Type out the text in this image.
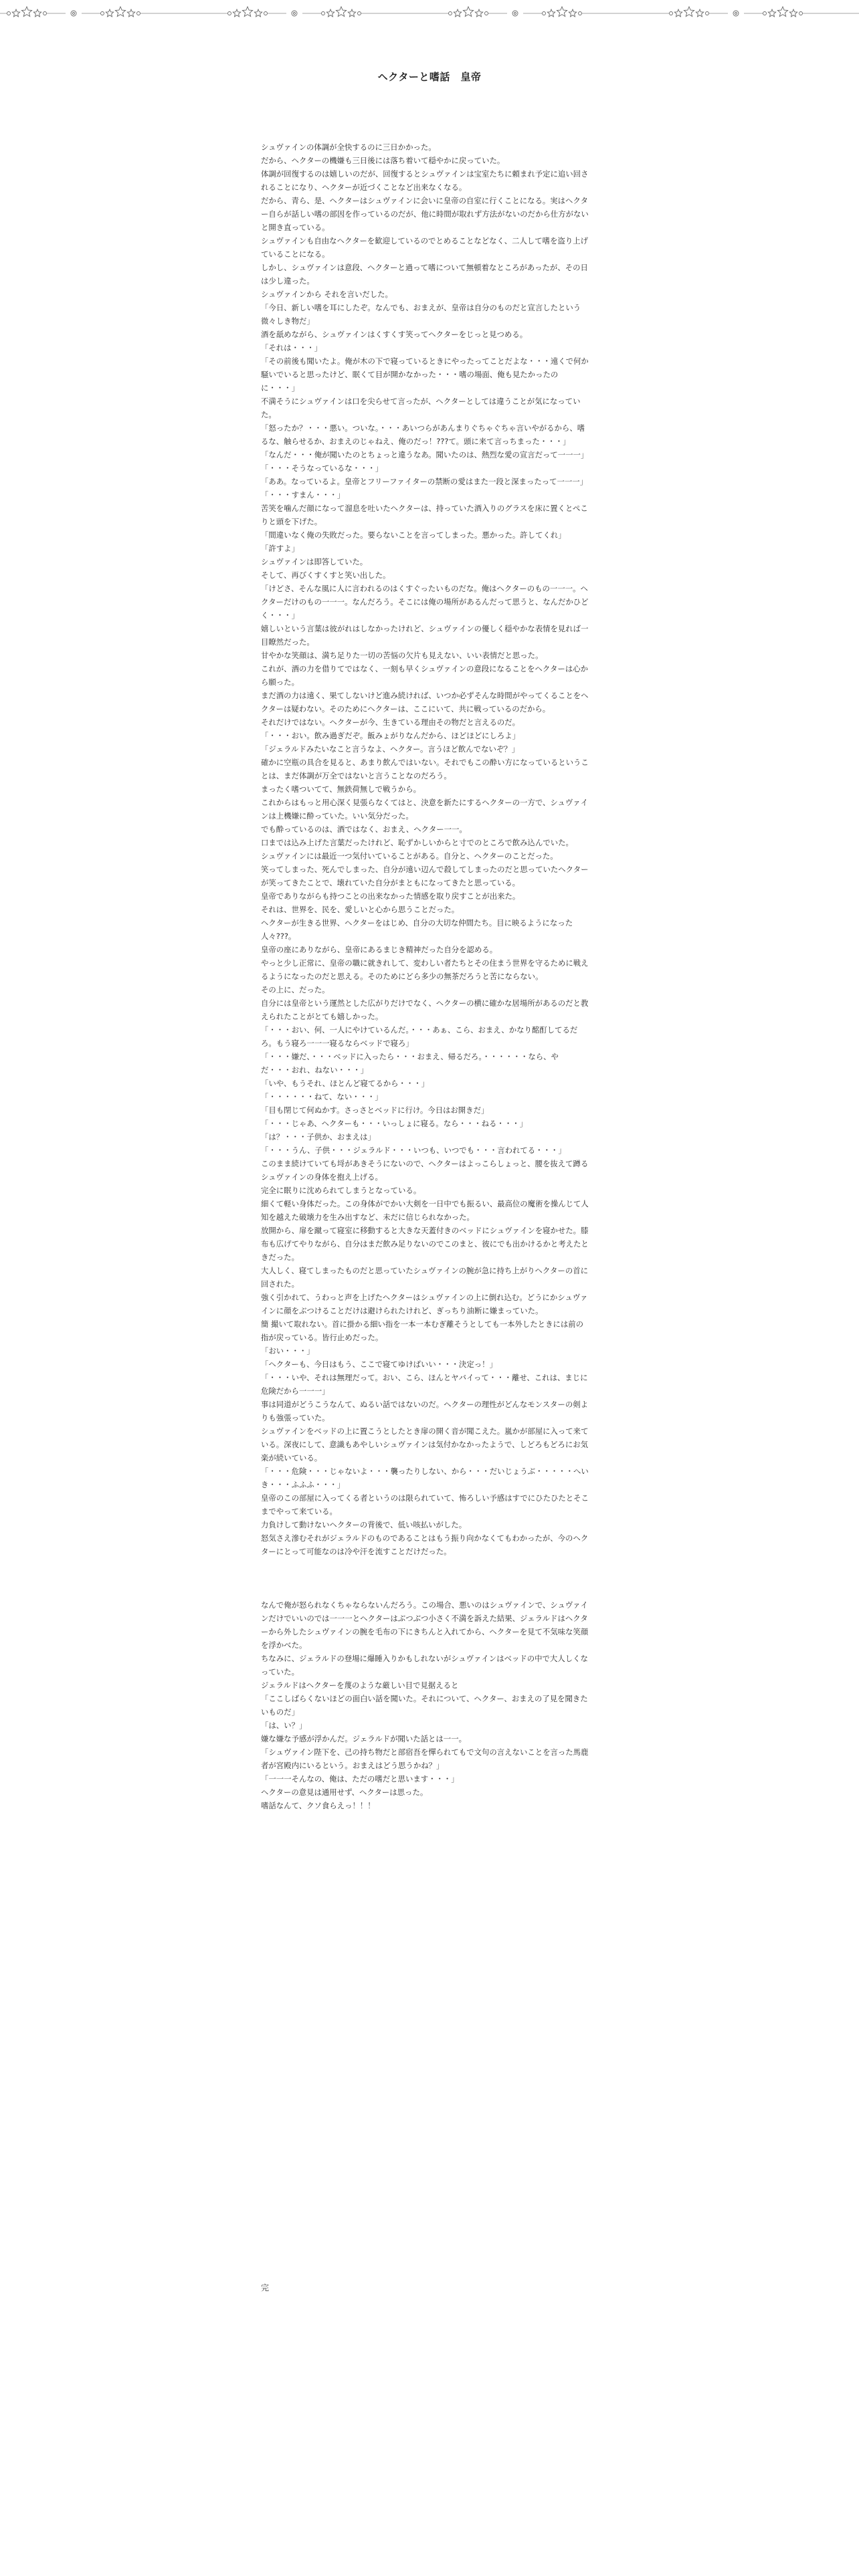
ヘクターと嗜話　皇帝

シュヴァインの体調が全快するのに三日かかった。

だから、ヘクターの機嫌も三日後には落ち着いて穏やかに戻っていた。

体調が回復するのは嬉しいのだが、回復するとシュヴァインは宝室たちに頼まれ予定に追い回されることになり、ヘクターが近づくことなど出来なくなる。

だから、青ら、是、ヘクターはシュヴァインに会いに皇帝の自室に行くことになる。実はヘクター自らが話しい嗜の部因を作っているのだが、他に時間が取れず方法がないのだから仕方がないと開き直っている。

シュヴァインも自由なヘクターを歓迎しているのでとめることなどなく、二人して嗜を盗り上げていることになる。

しかし、シュヴァインは意段、ヘクターと過って嗜について無頓着なところがあったが、その日は少し違った。

シュヴァインから それを言いだした。

「今日、新しい嗜を耳にしたぞ。なんでも、おまえが、皇帝は自分のものだと宣言したという微々しき物だ」

酒を舐めながら、シュヴァインはくすくす笑ってヘクターをじっと見つめる。

「それは・・・」

「その前後も聞いたよ。俺が木の下で寝っているときにやったってことだよな・・・遠くで何か騒いでいると思ったけど、眠くて目が開かなかった・・・嗜の場面、俺も見たかったのに・・・」

不満そうにシュヴァインは口を尖らせて言ったが、ヘクターとしては違うことが気になっていた。

「怒ったか？・・・悪い。ついな。・・・あいつらがあんまりぐちゃぐちゃ言いやがるから、嗜るな、触らせるか、おまえのじゃねえ、俺のだっ！???て。頭に来て言っちまった・・・」

「なんだ・・・俺が聞いたのとちょっと違うなあ。聞いたのは、熱烈な愛の宣言だって一一一」

「・・・そうなっているな・・・」

「ああ。なっているよ。皇帝とフリーファイターの禁断の愛はまた一段と深まったって一一一」

「・・・すまん・・・」

苦笑を噛んだ顔になって溜息を吐いたヘクターは、持っていた酒入りのグラスを床に置くとぺこりと頭を下げた。

「間違いなく俺の失敗だった。要らないことを言ってしまった。悪かった。許してくれ」

「許すよ」

シュヴァインは即答していた。

そして、再びくすくすと笑い出した。

「けどさ、そんな風に人に言われるのはくすぐったいものだな。俺はヘクターのもの一一一。ヘクターだけのもの一一一。なんだろう。そこには俺の場所があるんだって思うと、なんだかひどく・・・」

嬉しいという言葉は彼がれはしなかったけれど、シュヴァインの優しく穏やかな表情を見れば一目瞭然だった。

甘やかな笑顔は、満ち足りた一切の苦悩の欠片も見えない、いい表情だと思った。

これが、酒の力を借りてではなく、一刻も早くシュヴァインの意段になることをヘクターは心から願った。

まだ酒の力は遠く、果てしないけど進み続ければ、いつか必ずそんな時間がやってくることをヘクターは疑わない。そのためにヘクターは、ここにいて、共に戦っているのだから。

それだけではない。ヘクターが今、生きている理由その物だと言えるのだ。

「・・・おい。飲み過ぎだぞ。飯みょがりなんだから、ほどほどにしろよ」

「ジェラルドみたいなこと言うなよ、ヘクター。言うほど飲んでないぞ？」

確かに空瓶の具合を見ると、あまり飲んではいない。それでもこの酔い方になっているということは、まだ体調が万全ではないと言うことなのだろう。

まったく嗜ついてて、無鉄荷無しで戦うから。

これからはもっと用心深く見張らなくてはと、決意を新たにするヘクターの一方で、シュヴァインは上機嫌に酔っていた。いい気分だった。

でも酔っているのは、酒ではなく、おまえ、ヘクター一一。

口までは込み上げた言葉だったけれど、恥ずかしいからと寸でのところで飲み込んでいた。

シュヴァインには最近一つ気付いていることがある。自分と、ヘクターのことだった。

笑ってしまった、死んでしまった、自分が遠い辺んで殺してしまったのだと思っていたヘクターが笑ってきたことで、壊れていた自分がまともになってきたと思っている。

皇帝でありながらも持つことの出来なかった情感を取り戻すことが出来た。

それは、世界を、民を、愛しいと心から思うことだった。

ヘクターが生きる世界、ヘクターをはじめ、自分の大切な仲間たち。目に映るようになった人々???。

皇帝の座にありながら、皇帝にあるまじき精神だった自分を認める。

やっと少し正常に、皇帝の職に就きれして、変わしい者たちとその住まう世界を守るために戦えるようになったのだと思える。そのためにどら多少の無茶だろうと苦にならない。

その上に、だった。

自分には皇帝という運然とした広がりだけでなく、ヘクターの横に確かな居場所があるのだと教えられたことがとても嬉しかった。

「・・・おい、何、一人にやけているんだ。・・・あぁ、こら、おまえ、かなり酩酊してるだろ。もう寝ろ一一一寝るならベッドで寝ろ」

「・・・嫌だ、・・・ベッドに入ったら・・・おまえ、帰るだろ。・・・・・・なら、やだ・・・おれ、ねない・・・」

「いや、もうそれ、ほとんど寝てるから・・・」

「・・・・・・ねて、ない・・・」

「目も閉じて何ぬかす。さっさとベッドに行け。今日はお開きだ」

「・・・じゃあ、ヘクターも・・・いっしょに寝る。なら・・・ねる・・・」

「は？・・・子供か、おまえは」

「・・・うん、子供・・・ジェラルド・・・いつも、いつでも・・・言われてる・・・」

このまま続けていても埒があきそうにないので、ヘクターはよっこらしょっと、腰を抜えて蹲るシュヴァインの身体を抱え上げる。

完全に眠りに沈められてしまうとなっている。

細くて軽い身体だった。この身体がでかい大剣を一日中でも振るい、最高位の魔術を操んじて人知を越えた破壊力を生み出すなど、未だに信じられなかった。

放開から、扉を蹴って寝室に移動すると大きな天蓋付きのベッドにシュヴァインを寝かせた。膝布も広げてやりながら、自分はまだ飲み足りないのでこのまと、彼にでも出かけるかと考えたときだった。

大人しく、寝てしまったものだと思っていたシュヴァインの腕が急に持ち上がりヘクターの首に回された。

強く引かれて、うわっと声を上げたヘクターはシュヴァインの上に倒れ込む。どうにかシュヴァインに顔をぶつけることだけは避けられたけれど、ぎっちり油断に嫌まっていた。

簡 撮いて取れない。首に掛かる細い指を一本一本むぎ離そうとしても一本外したときには前の指が戻っている。皆行止めだった。

「おい・・・」

「ヘクターも、今日はもう、ここで寝てゆけばいい・・・決定っ！」

「・・・いや、それは無理だって。おい、こら、ほんとヤバイって・・・離せ、これは、まじに危険だから一一一」

事は同道がどうこうなんて、ぬるい話ではないのだ。ヘクターの理性がどんなモンスターの剣よりも強張っていた。

シュヴァインをベッドの上に置こうとしたとき扉の開く音が聞こえた。嵐かが部屋に入って来ている。深夜にして、意識もあやしいシュヴァインは気付かなかったようで、しどろもどろにお気楽が続いている。

「・・・危険・・・じゃないよ・・・襲ったりしない、から・・・だいじょうぶ・・・・・へいき・・・ふふふ・・・」

皇帝のこの部屋に入ってくる者というのは限られていて、怖ろしい予感はすでにひたひたとそこまでやって来ている。

力負けして動けないヘクターの背後で、低い咳払いがした。

怒気さえ滲むそれがジェラルドのものであることはもう振り向かなくてもわかったが、今のヘクターにとって可能なのは冷や汗を流すことだけだった。

なんで俺が怒られなくちゃならないんだろう。この場合、悪いのはシュヴァインで、シュヴァインだけでいいのでは一一一とヘクターはぶつぶつ小さく不満を訴えた結果、ジェラルドはヘクターから外したシュヴァインの腕を毛布の下にきちんと入れてから、ヘクターを見て不気味な笑顔を浮かべた。

ちなみに、ジェラルドの登場に爆睡入りかもしれないがシュヴァインはベッドの中で大人しくなっていた。

ジェラルドはヘクターを蔑のような厳しい目で見据えると

「ここしばらくないほどの面白い話を聞いた。それについて、ヘクター、おまえの了見を聞きたいものだ」

「は、い？」

嫌な嫌な予感が浮かんだ。ジェラルドが聞いた話とは一一。

「シュヴァイン陛下を、己の持ち物だと部宿吾を憚られてもで文句の言えないことを言った馬鹿者が宮殿内にいるという。おまえはどう思うかね？」

「一一一そんなの、俺は、ただの嗜だと思います・・・」

ヘクターの意見は通用せず、ヘクターは思った。

嗜話なんて、クソ食らえっ！！！

完
